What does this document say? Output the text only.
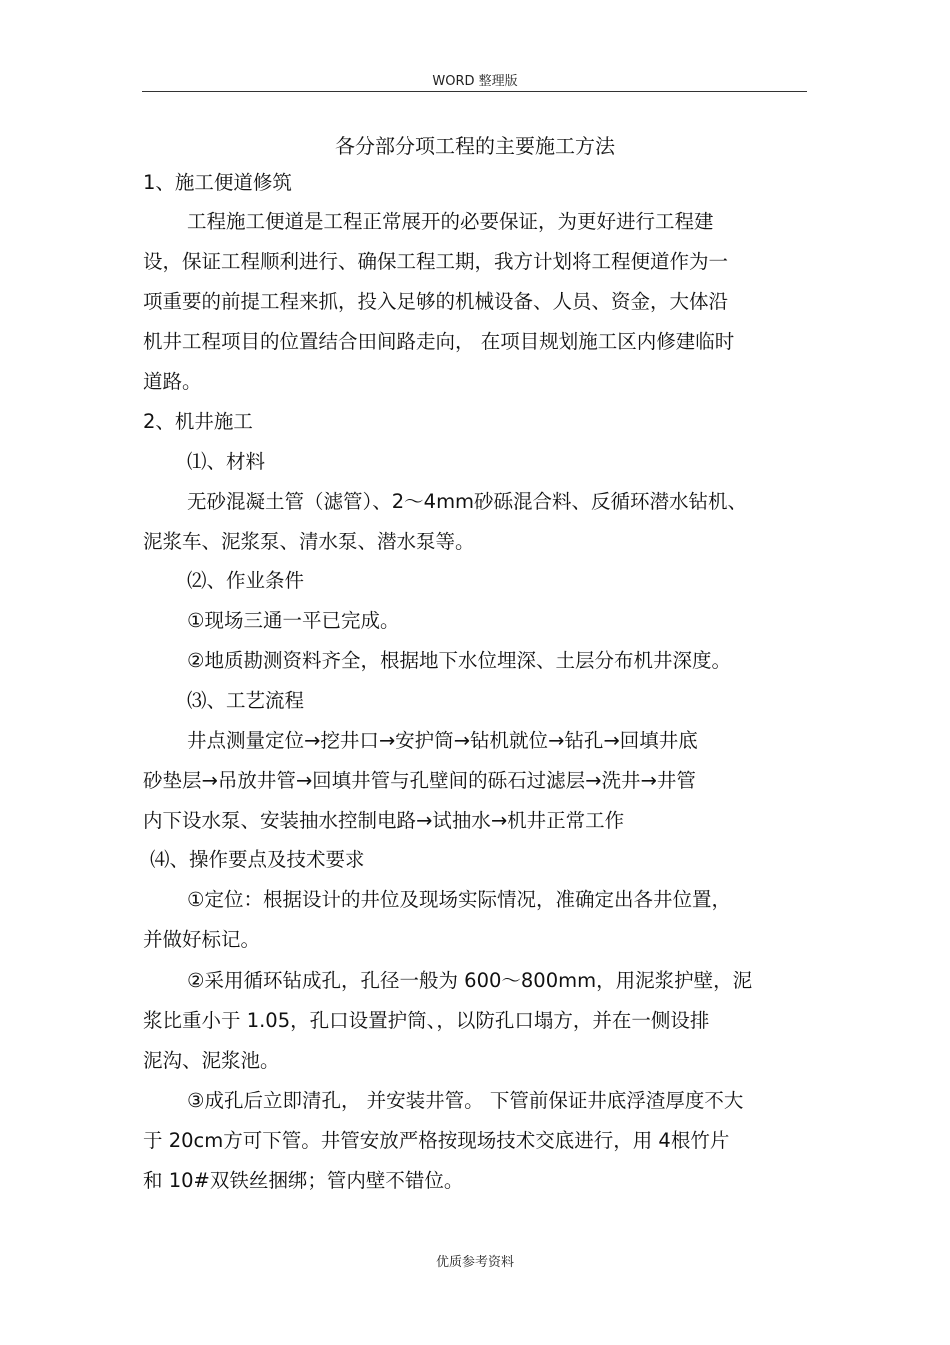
WORD 整理版
各分部分项工程的主要施工方法
1、施工便道修筑
工程施工便道是工程正常展开的必要保证，为更好进行工程建
设，保证工程顺利进行、确保工程工期，我方计划将工程便道作为一
项重要的前提工程来抓，投入足够的机械设备、人员、资金，大体沿
机井工程项目的位置结合田间路走向， 在项目规划施工区内修建临时
道路。
2、机井施工
⑴、材料
无砂混凝土管（滤管）、2～4mm砂砾混合料、反循环潜水钻机、
泥浆车、泥浆泵、清水泵、潜水泵等。
⑵、作业条件
①现场三通一平已完成。
②地质勘测资料齐全，根据地下水位埋深、土层分布机井深度。
⑶、工艺流程
井点测量定位→挖井口→安护筒→钻机就位→钻孔→回填井底
砂垫层→吊放井管→回填井管与孔壁间的砾石过滤层→洗井→井管
内下设水泵、安装抽水控制电路→试抽水→机井正常工作
⑷、操作要点及技术要求
①定位：根据设计的井位及现场实际情况，准确定出各井位置，
并做好标记。
②采用循环钻成孔，孔径一般为 600～800mm，用泥浆护壁，泥
浆比重小于 1.05，孔口设置护筒、，以防孔口塌方，并在一侧设排
泥沟、泥浆池。
③成孔后立即清孔， 并安装井管。 下管前保证井底浮渣厚度不大
于 20cm方可下管。井管安放严格按现场技术交底进行，用 4根竹片
和 10#双铁丝捆绑；管内壁不错位。
优质参考资料
